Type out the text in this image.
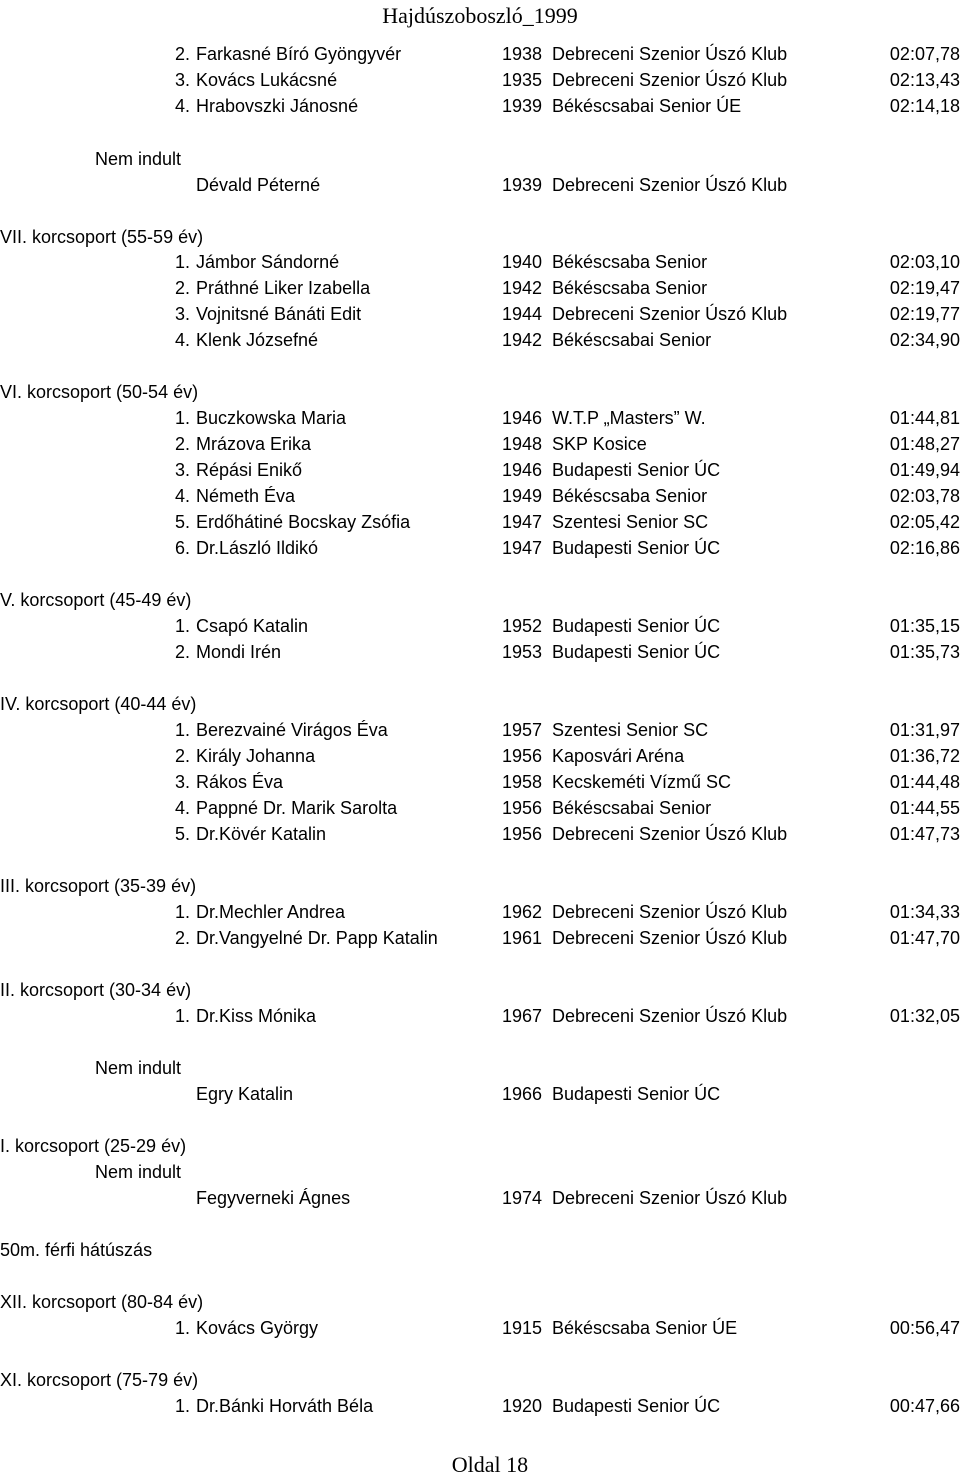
Hajdúszoboszló_1999
2. Farkasné Bíró Gyöngyvér	1938 Debreceni Szenior Úszó Klub	02:07,78
3. Kovács Lukácsné	1935 Debreceni Szenior Úszó Klub	02:13,43
4. Hrabovszki Jánosné	1939 Békéscsabai Senior ÚE	02:14,18
Nem indult
Dévald Péterné	1939 Debreceni Szenior Úszó Klub
VII. korcsoport (55-59 év)
1. Jámbor Sándorné	1940 Békéscsaba Senior	02:03,10
2. Práthné Liker Izabella	1942 Békéscsaba Senior	02:19,47
3. Vojnitsné Bánáti Edit	1944 Debreceni Szenior Úszó Klub	02:19,77
4. Klenk Józsefné	1942 Békéscsabai Senior	02:34,90
VI. korcsoport (50-54 év)
1. Buczkowska Maria	1946 W.T.P „Masters” W.	01:44,81
2. Mrázova Erika	1948 SKP Kosice	01:48,27
3. Répási Enikő	1946 Budapesti Senior ÚC	01:49,94
4. Németh Éva	1949 Békéscsaba Senior	02:03,78
5. Erdőhátiné Bocskay Zsófia	1947 Szentesi Senior SC	02:05,42
6. Dr.László Ildikó	1947 Budapesti Senior ÚC	02:16,86
V. korcsoport (45-49 év)
1. Csapó Katalin	1952 Budapesti Senior ÚC	01:35,15
2. Mondi Irén	1953 Budapesti Senior ÚC	01:35,73
IV. korcsoport (40-44 év)
1. Berezvainé Virágos Éva	1957 Szentesi Senior SC	01:31,97
2. Király Johanna	1956 Kaposvári Aréna	01:36,72
3. Rákos Éva	1958 Kecskeméti Vízmű SC	01:44,48
4. Pappné Dr. Marik Sarolta	1956 Békéscsabai Senior	01:44,55
5. Dr.Kövér Katalin	1956 Debreceni Szenior Úszó Klub	01:47,73
III. korcsoport (35-39 év)
1. Dr.Mechler Andrea	1962 Debreceni Szenior Úszó Klub	01:34,33
2. Dr.Vangyelné Dr. Papp Katalin	1961 Debreceni Szenior Úszó Klub	01:47,70
II. korcsoport (30-34 év)
1. Dr.Kiss Mónika	1967 Debreceni Szenior Úszó Klub	01:32,05
Nem indult
Egry Katalin	1966 Budapesti Senior ÚC
I. korcsoport (25-29 év)
Nem indult
Fegyverneki Ágnes	1974 Debreceni Szenior Úszó Klub
50m. férfi hátúszás
XII. korcsoport (80-84 év)
1. Kovács György	1915 Békéscsaba Senior ÚE	00:56,47
XI. korcsoport (75-79 év)
1. Dr.Bánki Horváth Béla	1920 Budapesti Senior ÚC	00:47,66
Oldal 18
